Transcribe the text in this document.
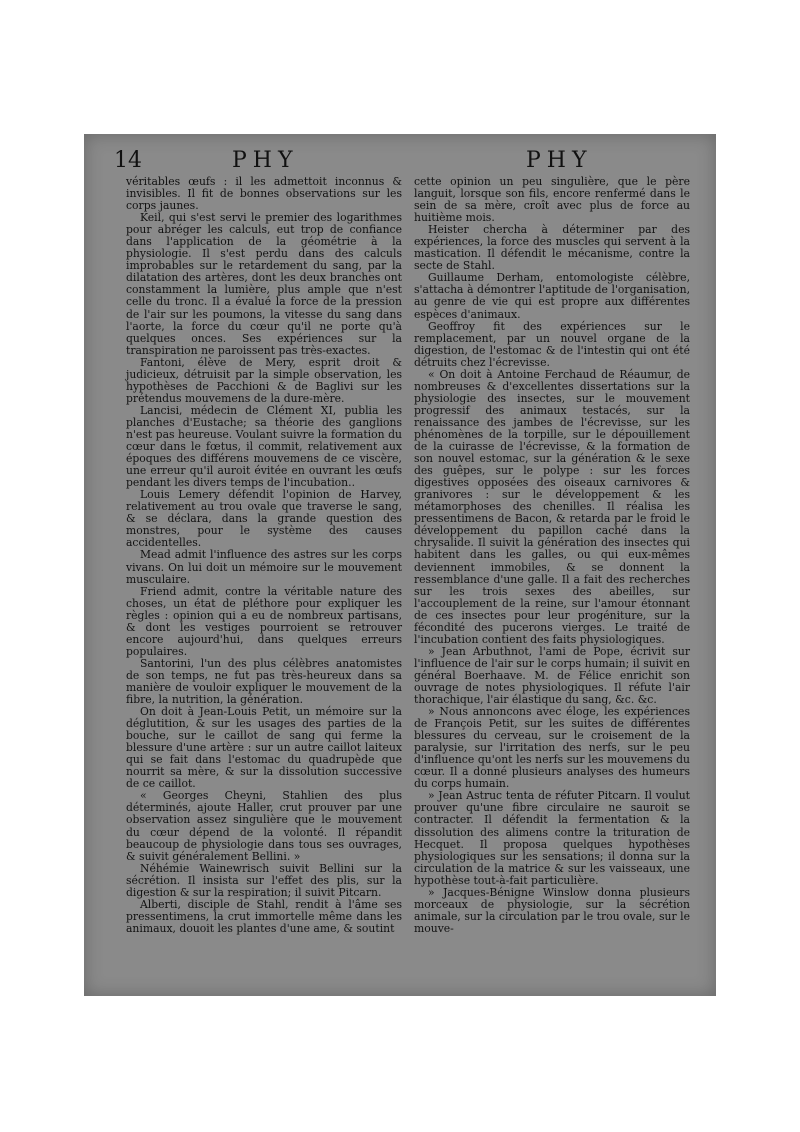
14	PHY	PHY

véritables œufs : il les admettoit inconnus & invisibles. Il fit de bonnes observations sur les corps jaunes.

Keil, qui s'est servi le premier des logarithmes pour abréger les calculs, eut trop de confiance dans l'application de la géométrie à la physiologie. Il s'est perdu dans des calculs improbables sur le retardement du sang, par la dilatation des artères, dont les deux branches ont constamment la lumière, plus ample que n'est celle du tronc. Il a évalué la force de la pression de l'air sur les poumons, la vitesse du sang dans l'aorte, la force du cœur qu'il ne porte qu'à quelques onces. Ses expériences sur la transpiration ne paroissent pas très-exactes.

Fantoni, élève de Mery, esprit droit & judicieux, détruisit par la simple observation, les hypothèses de Pacchioni & de Baglivi sur les prétendus mouvemens de la dure-mère.

Lancisi, médecin de Clément XI, publia les planches d'Eustache; sa théorie des ganglions n'est pas heureuse. Voulant suivre la formation du cœur dans le fœtus, il commit, relativement aux époques des différens mouvemens de ce viscère, une erreur qu'il auroit évitée en ouvrant les œufs pendant les divers temps de l'incubation..

Louis Lemery défendit l'opinion de Harvey, relativement au trou ovale que traverse le sang, & se déclara, dans la grande question des monstres, pour le système des causes accidentelles.

Mead admit l'influence des astres sur les corps vivans. On lui doit un mémoire sur le mouvement musculaire.

Friend admit, contre la véritable nature des choses, un état de pléthore pour expliquer les règles : opinion qui a eu de nombreux partisans, & dont les vestiges pourroient se retrouver encore aujourd'hui, dans quelques erreurs populaires.

Santorini, l'un des plus célèbres anatomistes de son temps, ne fut pas très-heureux dans sa manière de vouloir expliquer le mouvement de la fibre, la nutrition, la génération.

On doit à Jean-Louis Petit, un mémoire sur la déglutition, & sur les usages des parties de la bouche, sur le caillot de sang qui ferme la blessure d'une artère : sur un autre caillot laiteux qui se fait dans l'estomac du quadrupède que nourrit sa mère, & sur la dissolution successive de ce caillot.

« Georges Cheyni, Stahlien des plus déterminés, ajoute Haller, crut prouver par une observation assez singulière que le mouvement du cœur dépend de la volonté. Il répandit beaucoup de physiologie dans tous ses ouvrages, & suivit généralement Bellini. »

Néhémie Wainewrisch suivit Bellini sur la sécrétion. Il insista sur l'effet des plis, sur la digestion & sur la respiration; il suivit Pitcarn.

Alberti, disciple de Stahl, rendit à l'âme ses pressentimens, la crut immortelle même dans les animaux, douoit les plantes d'une ame, & soutint

cette opinion un peu singulière, que le père languit, lorsque son fils, encore renfermé dans le sein de sa mère, croît avec plus de force au huitième mois.

Heister chercha à déterminer par des expériences, la force des muscles qui servent à la mastication. Il défendit le mécanisme, contre la secte de Stahl.

Guillaume Derham, entomologiste célèbre, s'attacha à démontrer l'aptitude de l'organisation, au genre de vie qui est propre aux différentes espèces d'animaux.

Geoffroy fit des expériences sur le remplacement, par un nouvel organe de la digestion, de l'estomac & de l'intestin qui ont été détruits chez l'écrevisse.

« On doit à Antoine Ferchaud de Réaumur, de nombreuses & d'excellentes dissertations sur la physiologie des insectes, sur le mouvement progressif des animaux testacés, sur la renaissance des jambes de l'écrevisse, sur les phénomènes de la torpille, sur le dépouillement de la cuirasse de l'écrevisse, & la formation de son nouvel estomac, sur la génération & le sexe des guêpes, sur le polype : sur les forces digestives opposées des oiseaux carnivores & granivores : sur le développement & les métamorphoses des chenilles. Il réalisa les pressentimens de Bacon, & retarda par le froid le développement du papillon caché dans la chrysalide. Il suivit la génération des insectes qui habitent dans les galles, ou qui eux-mêmes deviennent immobiles, & se donnent la ressemblance d'une galle. Il a fait des recherches sur les trois sexes des abeilles, sur l'accouplement de la reine, sur l'amour étonnant de ces insectes pour leur progéniture, sur la fécondité des pucerons vierges. Le traité de l'incubation contient des faits physiologiques.

» Jean Arbuthnot, l'ami de Pope, écrivit sur l'influence de l'air sur le corps humain; il suivit en général Boerhaave. M. de Félice enrichit son ouvrage de notes physiologiques. Il réfute l'air thorachique, l'air élastique du sang, &c. &c.

» Nous annoncons avec éloge, les expériences de François Petit, sur les suites de différentes blessures du cerveau, sur le croisement de la paralysie, sur l'irritation des nerfs, sur le peu d'influence qu'ont les nerfs sur les mouvemens du cœur. Il a donné plusieurs analyses des humeurs du corps humain.

» Jean Astruc tenta de réfuter Pitcarn. Il voulut prouver qu'une fibre circulaire ne sauroit se contracter. Il défendit la fermentation & la dissolution des alimens contre la trituration de Hecquet. Il proposa quelques hypothèses physiologiques sur les sensations; il donna sur la circulation de la matrice & sur les vaisseaux, une hypothèse tout-à-fait particulière.

» Jacques-Bénigne Winslow donna plusieurs morceaux de physiologie, sur la sécrétion animale, sur la circulation par le trou ovale, sur le mouve-
